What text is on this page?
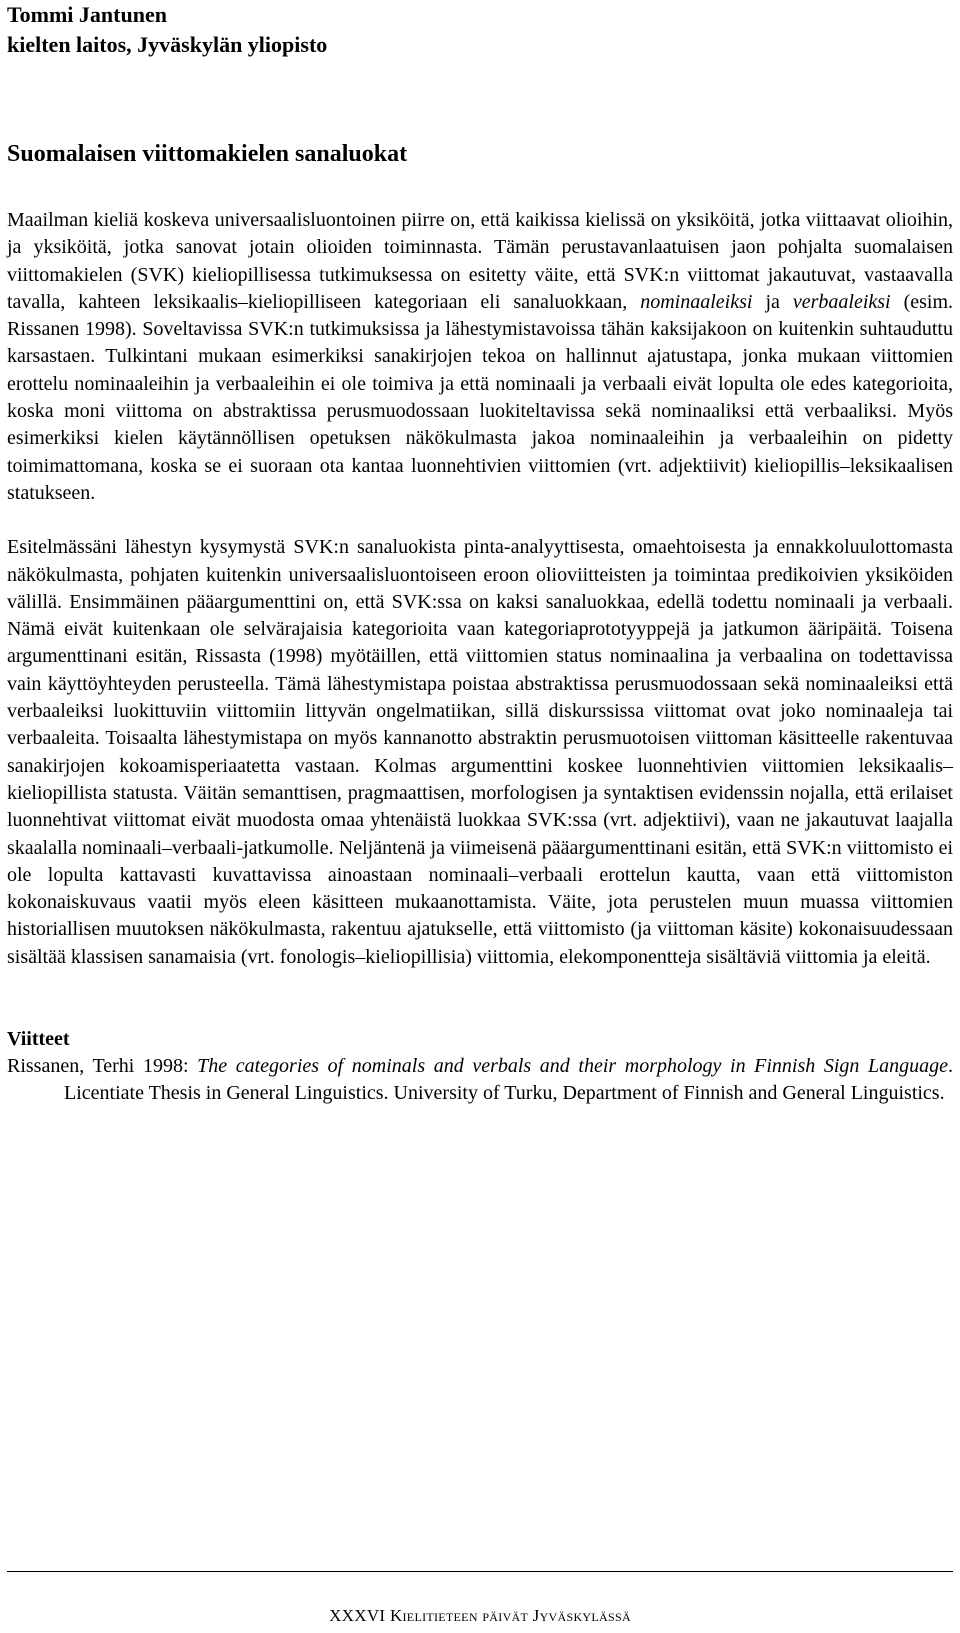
Tommi Jantunen

kielten laitos, Jyväskylän yliopisto

Suomalaisen viittomakielen sanaluokat

Maailman kieliä koskeva universaalisluontoinen piirre on, että kaikissa kielissä on yksiköitä, jotka viittaavat olioihin, ja yksiköitä, jotka sanovat jotain olioiden toiminnasta. Tämän perustavanlaatuisen jaon pohjalta suomalaisen viittomakielen (SVK) kieliopillisessa tutkimuksessa on esitetty väite, että SVK:n viittomat jakautuvat, vastaavalla tavalla, kahteen leksikaalis–kieliopilliseen kategoriaan eli sanaluokkaan, nominaaleiksi ja verbaaleiksi (esim. Rissanen 1998). Soveltavissa SVK:n tutkimuksissa ja lähestymistavoissa tähän kaksijakoon on kuitenkin suhtauduttu karsastaen. Tulkintani mukaan esimerkiksi sanakirjojen tekoa on hallinnut ajatustapa, jonka mukaan viittomien erottelu nominaaleihin ja verbaaleihin ei ole toimiva ja että nominaali ja verbaali eivät lopulta ole edes kategorioita, koska moni viittoma on abstraktissa perusmuodossaan luokiteltavissa sekä nominaaliksi että verbaaliksi. Myös esimerkiksi kielen käytännöllisen opetuksen näkökulmasta jakoa nominaaleihin ja verbaaleihin on pidetty toimimattomana, koska se ei suoraan ota kantaa luonnehtivien viittomien (vrt. adjektiivit) kieliopillis–leksikaalisen statukseen.

Esitelmässäni lähestyn kysymystä SVK:n sanaluokista pinta-analyyttisesta, omaehtoisesta ja ennakkoluulottomasta näkökulmasta, pohjaten kuitenkin universaalisluontoiseen eroon olioviitteisten ja toimintaa predikoivien yksiköiden välillä. Ensimmäinen pääargumenttini on, että SVK:ssa on kaksi sanaluokkaa, edellä todettu nominaali ja verbaali. Nämä eivät kuitenkaan ole selvärajaisia kategorioita vaan kategoriaprototyyppejä ja jatkumon ääripäitä. Toisena argumenttinani esitän, Rissasta (1998) myötäillen, että viittomien status nominaalina ja verbaalina on todettavissa vain käyttöyhteyden perusteella. Tämä lähestymistapa poistaa abstraktissa perusmuodossaan sekä nominaaleiksi että verbaaleiksi luokittuviin viittomiin littyvän ongelmatiikan, sillä diskurssissa viittomat ovat joko nominaaleja tai verbaaleita. Toisaalta lähestymistapa on myös kannanotto abstraktin perusmuotoisen viittoman käsitteelle rakentuvaa sanakirjojen kokoamisperiaatetta vastaan. Kolmas argumenttini koskee luonnehtivien viittomien leksikaalis–kieliopillista statusta. Väitän semanttisen, pragmaattisen, morfologisen ja syntaktisen evidenssin nojalla, että erilaiset luonnehtivat viittomat eivät muodosta omaa yhtenäistä luokkaa SVK:ssa (vrt. adjektiivi), vaan ne jakautuvat laajalla skaalalla nominaali–verbaali-jatkumolle. Neljäntenä ja viimeisenä pääargumenttinani esitän, että SVK:n viittomisto ei ole lopulta kattavasti kuvattavissa ainoastaan nominaali–verbaali erottelun kautta, vaan että viittomiston kokonaiskuvaus vaatii myös eleen käsitteen mukaanottamista. Väite, jota perustelen muun muassa viittomien historiallisen muutoksen näkökulmasta, rakentuu ajatukselle, että viittomisto (ja viittoman käsite) kokonaisuudessaan sisältää klassisen sanamaisia (vrt. fonologis–kieliopillisia) viittomia, elekomponentteja sisältäviä viittomia ja eleitä.

Viitteet

Rissanen, Terhi 1998: The categories of nominals and verbals and their morphology in Finnish Sign Language. Licentiate Thesis in General Linguistics. University of Turku, Department of Finnish and General Linguistics.

XXXVI Kielitieteen päivät Jyväskylässä
